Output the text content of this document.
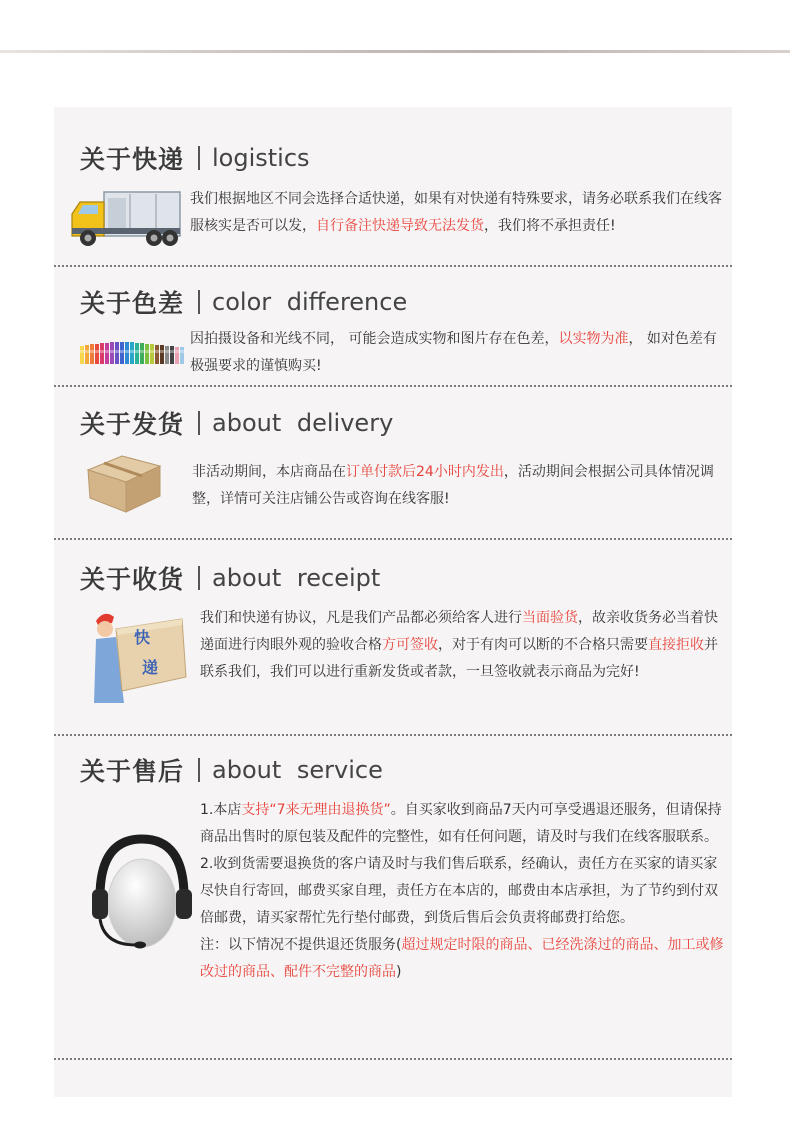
关于快递 logistics
我们根据地区不同会选择合适快递，如果有对快递有特殊要求，请务必联系我们在线客服核实是否可以发，自行备注快递导致无法发货，我们将不承担责任!
关于色差 color difference
因拍摄设备和光线不同， 可能会造成实物和图片存在色差，以实物为准， 如对色差有极强要求的谨慎购买!
关于发货 about delivery
非活动期间，本店商品在订单付款后24小时内发出，活动期间会根据公司具体情况调整，详情可关注店铺公告或咨询在线客服!
关于收货 about receipt
快
递
我们和快递有协议，凡是我们产品都必须给客人进行当面验货，故亲收货务必当着快递面进行肉眼外观的验收合格方可签收，对于有肉可以断的不合格只需要直接拒收并联系我们，我们可以进行重新发货或者款，一旦签收就表示商品为完好!
关于售后 about service
1.本店支持“7来无理由退换货”。自买家收到商品7天内可享受遇退还服务，但请保持商品出售时的原包装及配件的完整性，如有任何问题，请及时与我们在线客服联系。
2.收到货需要退换货的客户请及时与我们售后联系，经确认，责任方在买家的请买家尽快自行寄回，邮费买家自理，责任方在本店的，邮费由本店承担，为了节约到付双倍邮费，请买家帮忙先行垫付邮费，到货后售后会负责将邮费打给您。
注：以下情况不提供退还货服务(超过规定时限的商品、已经洗涤过的商品、加工或修改过的商品、配件不完整的商品)
